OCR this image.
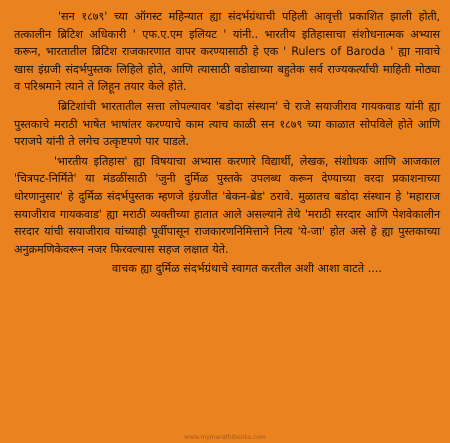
'सन १८७९' च्या ऑगस्ट महिन्यात ह्या संदर्भग्रंथाची पहिली आवृत्ती प्रकाशित झाली होती, तत्कालीन ब्रिटिश अधिकारी ' एफ.ए.एम इलियट ' यांनी.. भारतीय इतिहासाचा संशोधनात्मक अभ्यास करून, भारतातील ब्रिटिश राजकारणात वापर करण्यासाठी हे एक ' Rulers of Baroda ' ह्या नावाचे खास इंग्रजी संदर्भपुस्तक लिहिले होते, आणि त्यासाठी बडोद्याच्या बहुतेक सर्व राज्यकर्त्यांची माहिती मोठ्या व परिश्रमाने त्याने ते लिहून तयार केले होते.

ब्रिटिशांची भारतातील सत्ता लोपल्यावर 'बडोदा संस्थान' चे राजे सयाजीराव गायकवाड यांनी ह्या पुस्तकाचे मराठी भाषेत भाषांतर करण्याचे काम त्याच काळी सन १८७९ च्या काळात सोपविले होते आणि पराजपे यांनी ते लगेच उत्कृष्टपणे पार पाडले.

'भारतीय इतिहास' ह्या विषयाचा अभ्यास करणारे विद्यार्थी, लेखक, संशोधक आणि आजकाल 'चित्रपट-निर्मिते' या मंडळींसाठी 'जुनी दुर्मिळ पुस्तके उपलब्ध करून देण्याच्या वरदा प्रकाशनाच्या धोरणानुसार' हे दुर्मिळ संदर्भपुस्तक म्हणजे इंग्रजीत 'बेकन-ब्रेड' ठरावे. मुळातच बडोदा संस्थान हे 'महाराज सयाजीराव गायकवाड' ह्या मराठी व्यक्तीच्या हातात आले असल्याने तेथे 'मराठी सरदार आणि पेशवेकालीन सरदार यांची सयाजीराव यांच्याही पूर्वीपासून राजकारणनिमित्ताने नित्य 'ये-जा' होत असे हे ह्या पुस्तकाच्या अनुक्रमणिकेवरून नजर फिरवल्यास सहज लक्षात येते.

वाचक ह्या दुर्मिळ संदर्भग्रंथाचे स्वागत करतील अशी आशा वाटते ....

www.mymarathibooks.com
